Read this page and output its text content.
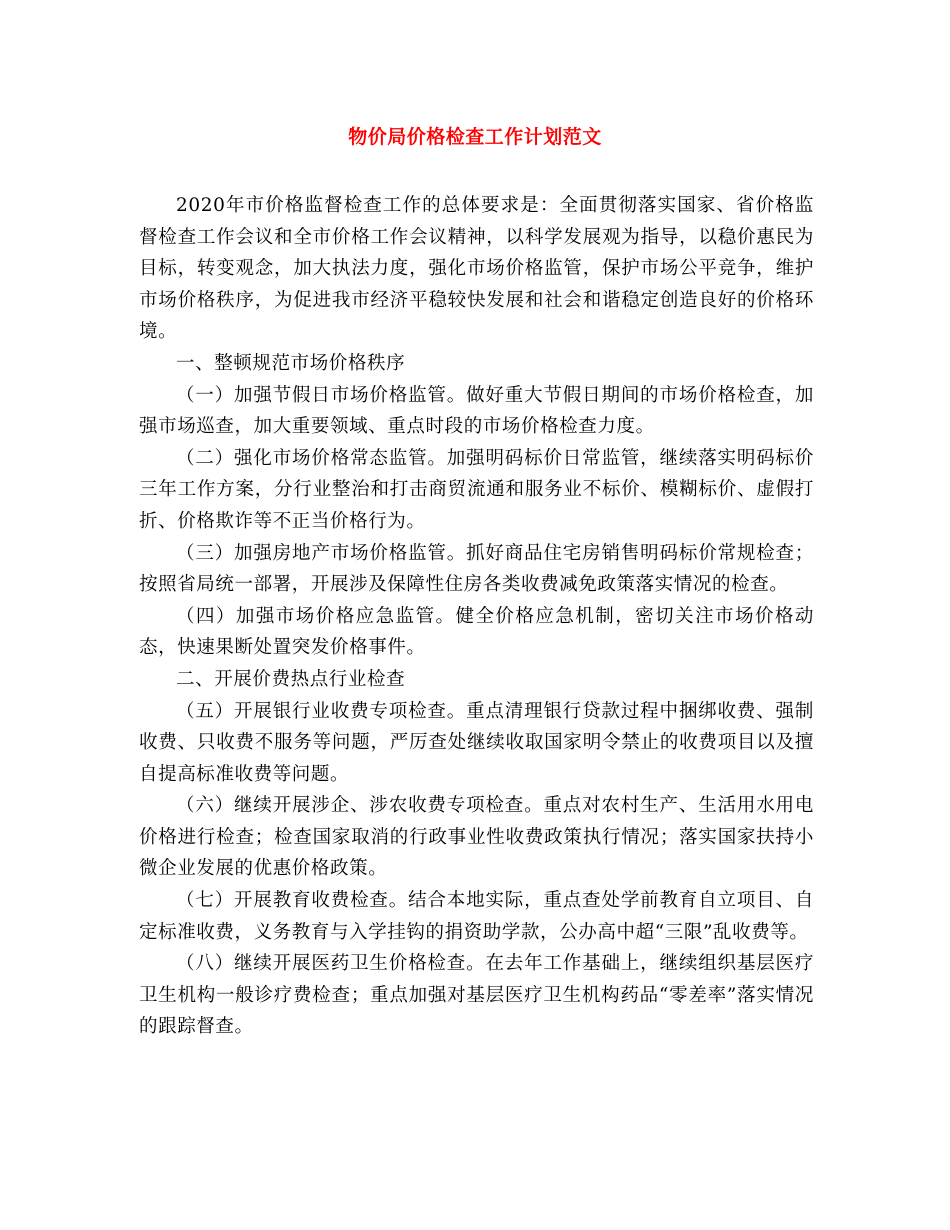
物价局价格检查工作计划范文

2020年市价格监督检查工作的总体要求是：全面贯彻落实国家、省价格监督检查工作会议和全市价格工作会议精神，以科学发展观为指导，以稳价惠民为目标，转变观念，加大执法力度，强化市场价格监管，保护市场公平竞争，维护市场价格秩序，为促进我市经济平稳较快发展和社会和谐稳定创造良好的价格环境。

一、整顿规范市场价格秩序

（一）加强节假日市场价格监管。做好重大节假日期间的市场价格检查，加强市场巡查，加大重要领域、重点时段的市场价格检查力度。

（二）强化市场价格常态监管。加强明码标价日常监管，继续落实明码标价三年工作方案，分行业整治和打击商贸流通和服务业不标价、模糊标价、虚假打折、价格欺诈等不正当价格行为。

（三）加强房地产市场价格监管。抓好商品住宅房销售明码标价常规检查；按照省局统一部署，开展涉及保障性住房各类收费减免政策落实情况的检查。

（四）加强市场价格应急监管。健全价格应急机制，密切关注市场价格动态，快速果断处置突发价格事件。

二、开展价费热点行业检查

（五）开展银行业收费专项检查。重点清理银行贷款过程中捆绑收费、强制收费、只收费不服务等问题，严厉查处继续收取国家明令禁止的收费项目以及擅自提高标准收费等问题。

（六）继续开展涉企、涉农收费专项检查。重点对农村生产、生活用水用电价格进行检查；检查国家取消的行政事业性收费政策执行情况；落实国家扶持小微企业发展的优惠价格政策。

（七）开展教育收费检查。结合本地实际，重点查处学前教育自立项目、自定标准收费，义务教育与入学挂钩的捐资助学款，公办高中超“三限”乱收费等。

（八）继续开展医药卫生价格检查。在去年工作基础上，继续组织基层医疗卫生机构一般诊疗费检查；重点加强对基层医疗卫生机构药品“零差率”落实情况的跟踪督查。
